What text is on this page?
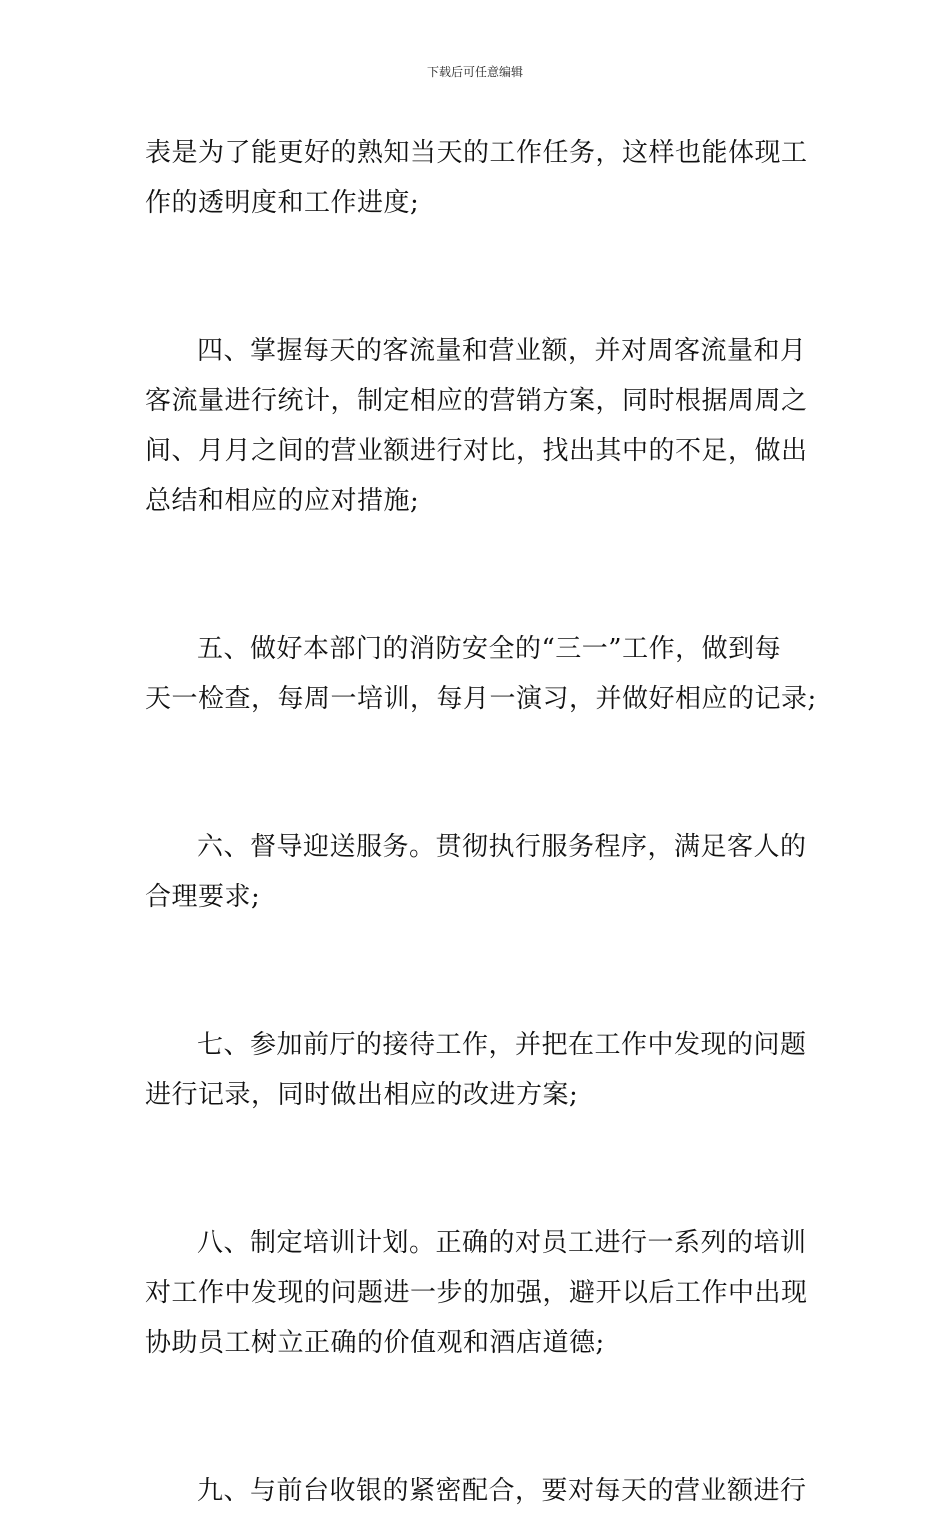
下载后可任意编辑
表是为了能更好的熟知当天的工作任务，这样也能体现工
作的透明度和工作进度;
四、掌握每天的客流量和营业额，并对周客流量和月
客流量进行统计，制定相应的营销方案，同时根据周周之
间、月月之间的营业额进行对比，找出其中的不足，做出
总结和相应的应对措施;
五、做好本部门的消防安全的“三一”工作，做到每
天一检查，每周一培训，每月一演习，并做好相应的记录;
六、督导迎送服务。贯彻执行服务程序，满足客人的
合理要求;
七、参加前厅的接待工作，并把在工作中发现的问题
进行记录，同时做出相应的改进方案;
八、制定培训计划。正确的对员工进行一系列的培训
对工作中发现的问题进一步的加强，避开以后工作中出现
协助员工树立正确的价值观和酒店道德;
九、与前台收银的紧密配合，要对每天的营业额进行
